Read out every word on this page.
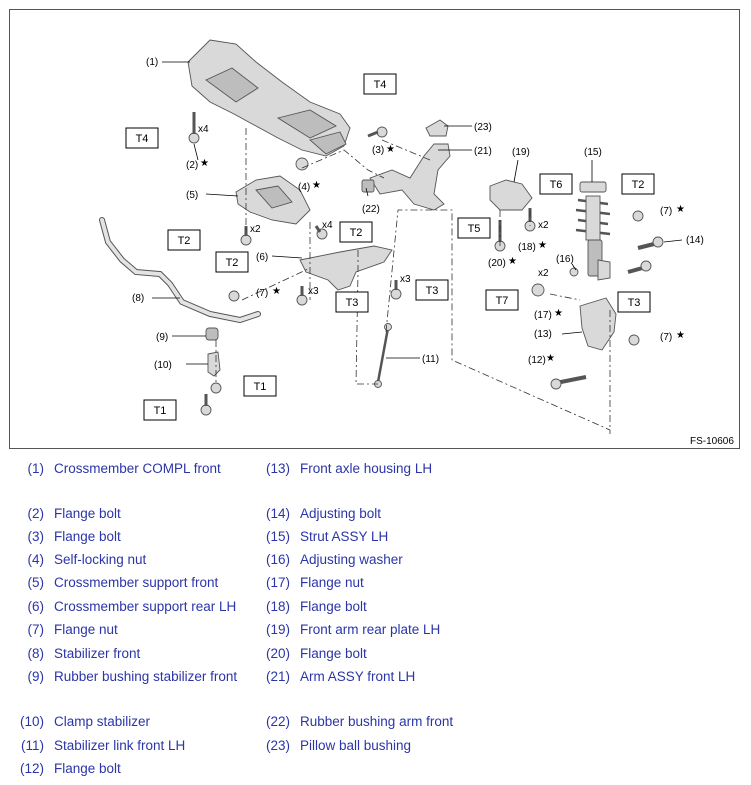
T4
T4
T2
T2
T2
T2
T3
T3
T3
T5
T6
T7
T1
T1
(1)
(2)
(3)
(4)
(5)
(6)
(7)
(7)
(7)
(8)
(9)
(10)
(11)	(12)
(13)
(14)
(15)
(16)
(17)
(18)
(19)
(20)
(21)
(22)
(23)
★
★
★
★
★
★
★
★
★
★
x4
x4
x2
x3
x3
x2
x2
FS-10606
(1) Crossmember COMPL front
(2) Flange bolt
(3) Flange bolt
(4) Self-locking nut
(5) Crossmember support front
(6) Crossmember support rear LH
(7) Flange nut
(8) Stabilizer front
(9) Rubber bushing stabilizer front
(10) Clamp stabilizer
(11) Stabilizer link front LH
(12) Flange bolt
(13) Front axle housing LH
(14) Adjusting bolt
(15) Strut ASSY LH
(16) Adjusting washer
(17) Flange nut
(18) Flange bolt
(19) Front arm rear plate LH
(20) Flange bolt
(21) Arm ASSY front LH
(22) Rubber bushing arm front
(23) Pillow ball bushing
